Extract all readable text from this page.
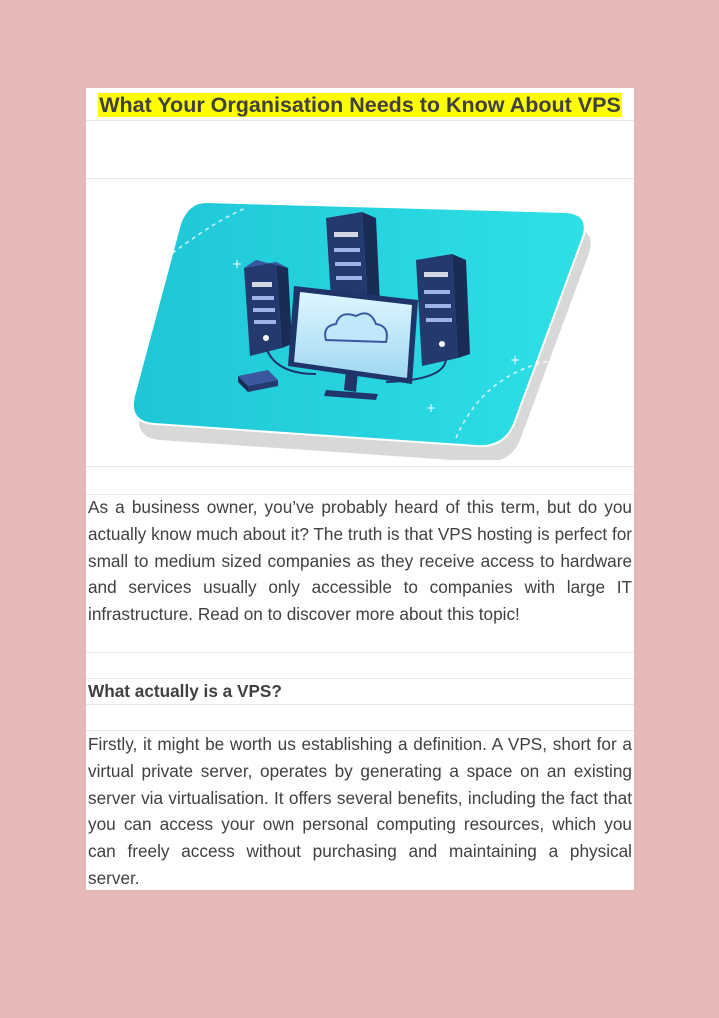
What Your Organisation Needs to Know About VPS
+
+
+

As a business owner, you’ve probably heard of this term, but do you actually know much about it? The truth is that VPS hosting is perfect for small to medium sized companies as they receive access to hardware and services usually only accessible to companies with large IT infrastructure. Read on to discover more about this topic!

What actually is a VPS?

Firstly, it might be worth us establishing a definition. A VPS, short for a virtual private server, operates by generating a space on an existing server via virtualisation. It offers several benefits, including the fact that you can access your own personal computing resources, which you can freely access without purchasing and maintaining a physical server.
